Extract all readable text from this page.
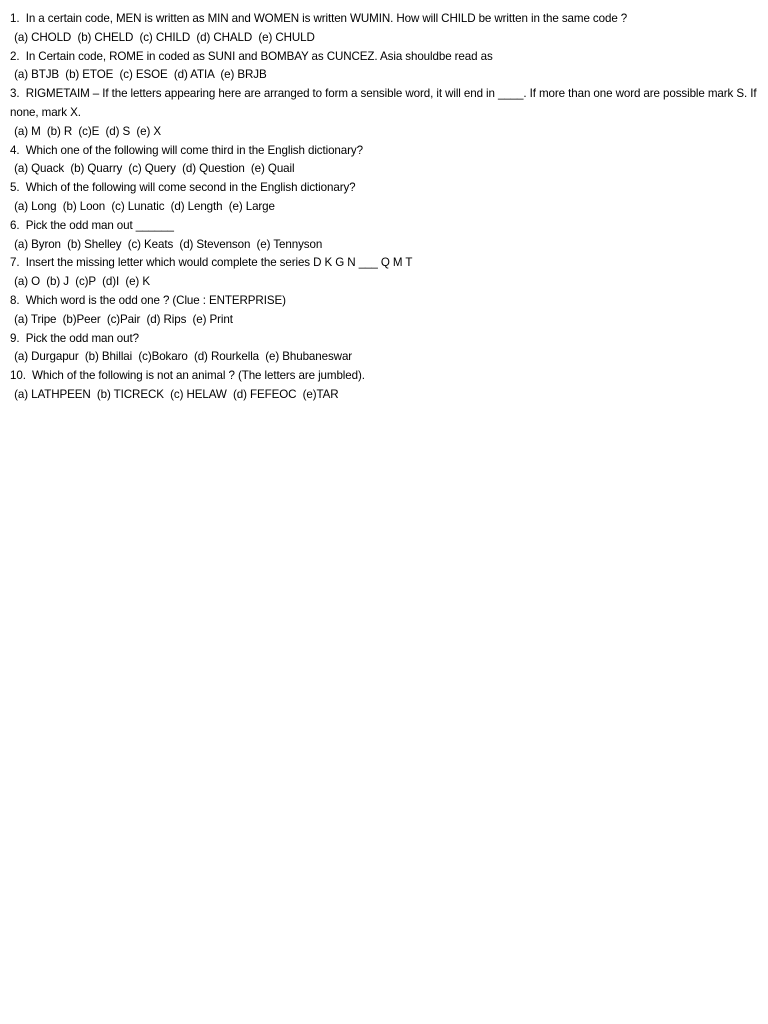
1.  In a certain code, MEN is written as MIN and WOMEN is written WUMIN. How will CHILD be written in the same code ?
(a) CHOLD  (b) CHELD  (c) CHILD  (d) CHALD  (e) CHULD
2.  In Certain code, ROME in coded as SUNI and BOMBAY as CUNCEZ. Asia shouldbe read as
(a) BTJB  (b) ETOE  (c) ESOE  (d) ATIA  (e) BRJB
3.  RIGMETAIM – If the letters appearing here are arranged to form a sensible word, it will end in ____. If more than one word are possible mark S. If none, mark X.
(a) M  (b) R  (c)E  (d) S  (e) X
4.  Which one of the following will come third in the English dictionary?
(a) Quack  (b) Quarry  (c) Query  (d) Question  (e) Quail
5.  Which of the following will come second in the English dictionary?
(a) Long  (b) Loon  (c) Lunatic  (d) Length  (e) Large
6.  Pick the odd man out ______
(a) Byron  (b) Shelley  (c) Keats  (d) Stevenson  (e) Tennyson
7.  Insert the missing letter which would complete the series D K G N ___ Q M T
(a) O  (b) J  (c)P  (d)I  (e) K
8.  Which word is the odd one ? (Clue : ENTERPRISE)
(a) Tripe  (b)Peer  (c)Pair  (d) Rips  (e) Print
9.  Pick the odd man out?
(a) Durgapur  (b) Bhillai  (c)Bokaro  (d) Rourkella  (e) Bhubaneswar
10.  Which of the following is not an animal ? (The letters are jumbled).
(a) LATHPEEN  (b) TICRECK  (c) HELAW  (d) FEFEOC  (e)TAR
